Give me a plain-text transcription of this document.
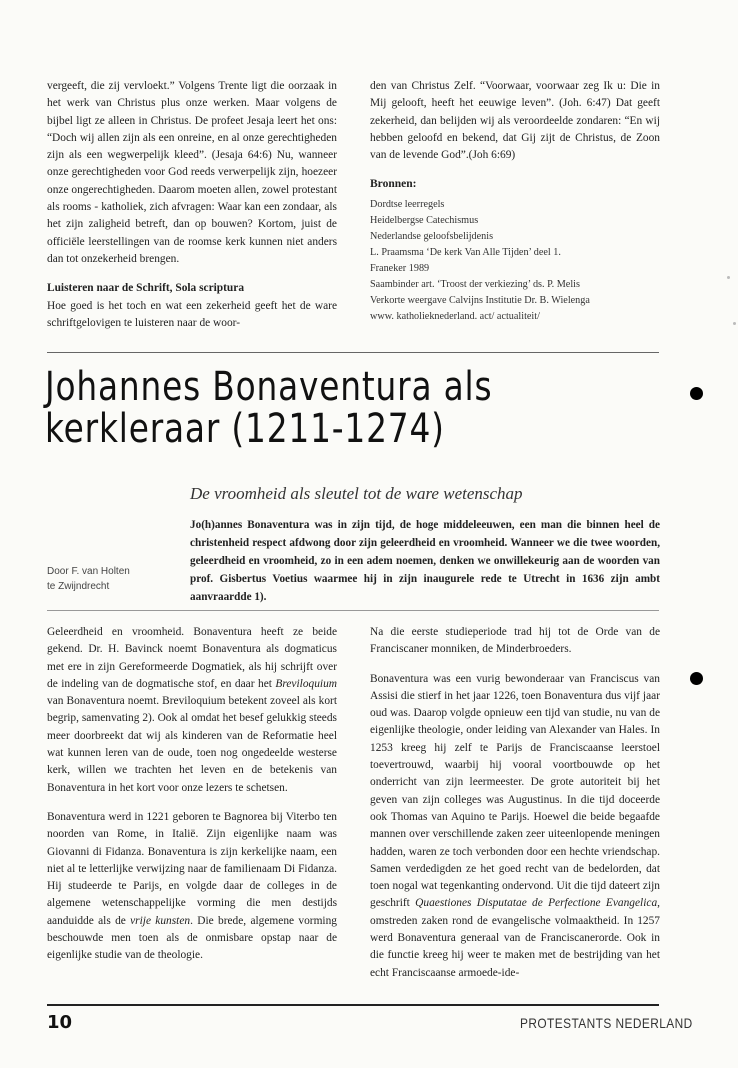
vergeeft, die zij vervloekt.” Volgens Trente ligt die oorzaak in het werk van Christus plus onze werken. Maar volgens de bijbel ligt ze alleen in Christus. De profeet Jesaja leert het ons: “Doch wij allen zijn als een onreine, en al onze gerechtigheden zijn als een wegwerpelijk kleed”. (Jesaja 64:6) Nu, wanneer onze gerechtigheden voor God reeds verwerpelijk zijn, hoezeer onze ongerechtigheden. Daarom moeten allen, zowel protestant als rooms - katholiek, zich afvragen: Waar kan een zondaar, als het zijn zaligheid betreft, dan op bouwen? Kortom, juist de officiële leerstellingen van de roomse kerk kunnen niet anders dan tot onzekerheid brengen.

Luisteren naar de Schrift, Sola scriptura

Hoe goed is het toch en wat een zekerheid geeft het de ware schriftgelovigen te luisteren naar de woor-

den van Christus Zelf. “Voorwaar, voorwaar zeg Ik u: Die in Mij gelooft, heeft het eeuwige leven”. (Joh. 6:47) Dat geeft zekerheid, dan belijden wij als veroordeelde zondaren: “En wij hebben geloofd en bekend, dat Gij zijt de Christus, de Zoon van de levende God”.(Joh 6:69)

Bronnen:
Dordtse leerregels
Heidelbergse Catechismus
Nederlandse geloofsbelijdenis
L. Praamsma ‘De kerk Van Alle Tijden’ deel 1.
Franeker 1989
Saambinder art. ‘Troost der verkiezing’ ds. P. Melis
Verkorte weergave Calvijns Institutie Dr. B. Wielenga
www. katholieknederland. act/ actualiteit/
Johannes Bonaventura als
kerkleraar (1211-1274)
De vroomheid als sleutel tot de ware wetenschap
Jo(h)annes Bonaventura was in zijn tijd, de hoge middeleeuwen, een man die binnen heel de christenheid respect afdwong door zijn geleerdheid en vroomheid. Wanneer we die twee woorden, geleerdheid en vroomheid, zo in een adem noemen, denken we onwillekeurig aan de woorden van prof. Gisbertus Voetius waarmee hij in zijn inaugurele rede te Utrecht in 1636 zijn ambt aanvraardde 1).
Door F. van Holten
te Zwijndrecht

Geleerdheid en vroomheid. Bonaventura heeft ze beide gekend. Dr. H. Bavinck noemt Bonaventura als dogmaticus met ere in zijn Gereformeerde Dogmatiek, als hij schrijft over de indeling van de dogmatische stof, en daar het Breviloquium van Bonaventura noemt. Breviloquium betekent zoveel als kort begrip, samenvating 2). Ook al omdat het besef gelukkig steeds meer doorbreekt dat wij als kinderen van de Reformatie heel wat kunnen leren van de oude, toen nog ongedeelde westerse kerk, willen we trachten het leven en de betekenis van Bonaventura in het kort voor onze lezers te schetsen.

Bonaventura werd in 1221 geboren te Bagnorea bij Viterbo ten noorden van Rome, in Italië. Zijn eigenlijke naam was Giovanni di Fidanza. Bonaventura is zijn kerkelijke naam, een niet al te letterlijke verwijzing naar de familienaam Di Fidanza. Hij studeerde te Parijs, en volgde daar de colleges in de algemene wetenschappelijke vorming die men destijds aanduidde als de vrije kunsten. Die brede, algemene vorming beschouwde men toen als de onmisbare opstap naar de eigenlijke studie van de theologie.

Na die eerste studieperiode trad hij tot de Orde van de Franciscaner monniken, de Minderbroeders.

Bonaventura was een vurig bewonderaar van Franciscus van Assisi die stierf in het jaar 1226, toen Bonaventura dus vijf jaar oud was. Daarop volgde opnieuw een tijd van studie, nu van de eigenlijke theologie, onder leiding van Alexander van Hales. In 1253 kreeg hij zelf te Parijs de Franciscaanse leerstoel toevertrouwd, waarbij hij vooral voortbouwde op het onderricht van zijn leermeester. De grote autoriteit bij het geven van zijn colleges was Augustinus. In die tijd doceerde ook Thomas van Aquino te Parijs. Hoewel die beide begaafde mannen over verschillende zaken zeer uiteenlopende meningen hadden, waren ze toch verbonden door een hechte vriendschap. Samen verdedigden ze het goed recht van de bedelorden, dat toen nogal wat tegenkanting ondervond. Uit die tijd dateert zijn geschrift Quaestiones Disputatae de Perfectione Evangelica, omstreden zaken rond de evangelische volmaaktheid. In 1257 werd Bonaventura generaal van de Franciscanerorde. Ook in die functie kreeg hij weer te maken met de bestrijding van het echt Franciscaanse armoede-ide-

10	PROTESTANTS NEDERLAND
